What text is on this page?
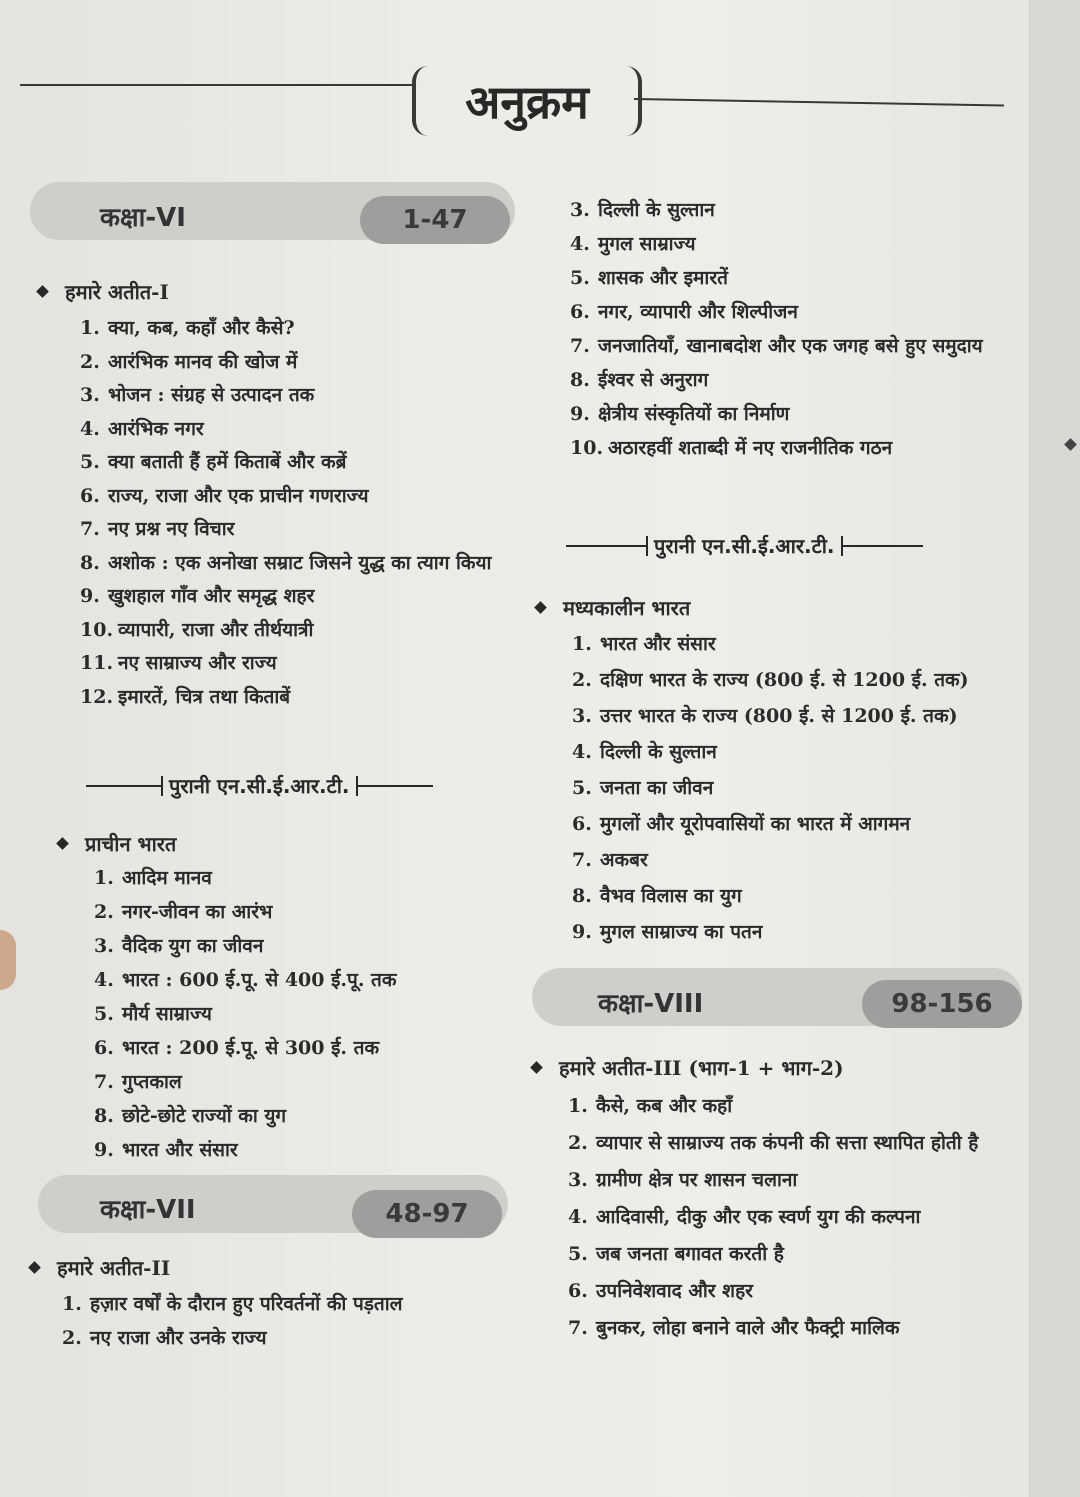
अनुक्रम
कक्षा-VI	1-47
हमारे अतीत-I
1. क्या, कब, कहाँ और कैसे?
2. आरंभिक मानव की खोज में
3. भोजन : संग्रह से उत्पादन तक
4. आरंभिक नगर
5. क्या बताती हैं हमें किताबें और कब्रें
6. राज्य, राजा और एक प्राचीन गणराज्य
7. नए प्रश्न नए विचार
8. अशोक : एक अनोखा सम्राट जिसने युद्ध का त्याग किया
9. खुशहाल गाँव और समृद्ध शहर
10. व्यापारी, राजा और तीर्थयात्री
11. नए साम्राज्य और राज्य
12. इमारतें, चित्र तथा किताबें
पुरानी एन.सी.ई.आर.टी.
प्राचीन भारत
1. आदिम मानव
2. नगर-जीवन का आरंभ
3. वैदिक युग का जीवन
4. भारत : 600 ई.पू. से 400 ई.पू. तक
5. मौर्य साम्राज्य
6. भारत : 200 ई.पू. से 300 ई. तक
7. गुप्तकाल
8. छोटे-छोटे राज्यों का युग
9. भारत और संसार
कक्षा-VII	48-97
हमारे अतीत-II
1. हज़ार वर्षों के दौरान हुए परिवर्तनों की पड़ताल
2. नए राजा और उनके राज्य
3. दिल्ली के सुल्तान
4. मुगल साम्राज्य
5. शासक और इमारतें
6. नगर, व्यापारी और शिल्पीजन
7. जनजातियाँ, खानाबदोश और एक जगह बसे हुए समुदाय
8. ईश्वर से अनुराग
9. क्षेत्रीय संस्कृतियों का निर्माण
10. अठारहवीं शताब्दी में नए राजनीतिक गठन
पुरानी एन.सी.ई.आर.टी.
मध्यकालीन भारत
1. भारत और संसार
2. दक्षिण भारत के राज्य (800 ई. से 1200 ई. तक)
3. उत्तर भारत के राज्य (800 ई. से 1200 ई. तक)
4. दिल्ली के सुल्तान
5. जनता का जीवन
6. मुगलों और यूरोपवासियों का भारत में आगमन
7. अकबर
8. वैभव विलास का युग
9. मुगल साम्राज्य का पतन
कक्षा-VIII	98-156
हमारे अतीत-III (भाग-1 + भाग-2)
1. कैसे, कब और कहाँ
2. व्यापार से साम्राज्य तक कंपनी की सत्ता स्थापित होती है
3. ग्रामीण क्षेत्र पर शासन चलाना
4. आदिवासी, दीकु और एक स्वर्ण युग की कल्पना
5. जब जनता बगावत करती है
6. उपनिवेशवाद और शहर
7. बुनकर, लोहा बनाने वाले और फैक्ट्री मालिक
